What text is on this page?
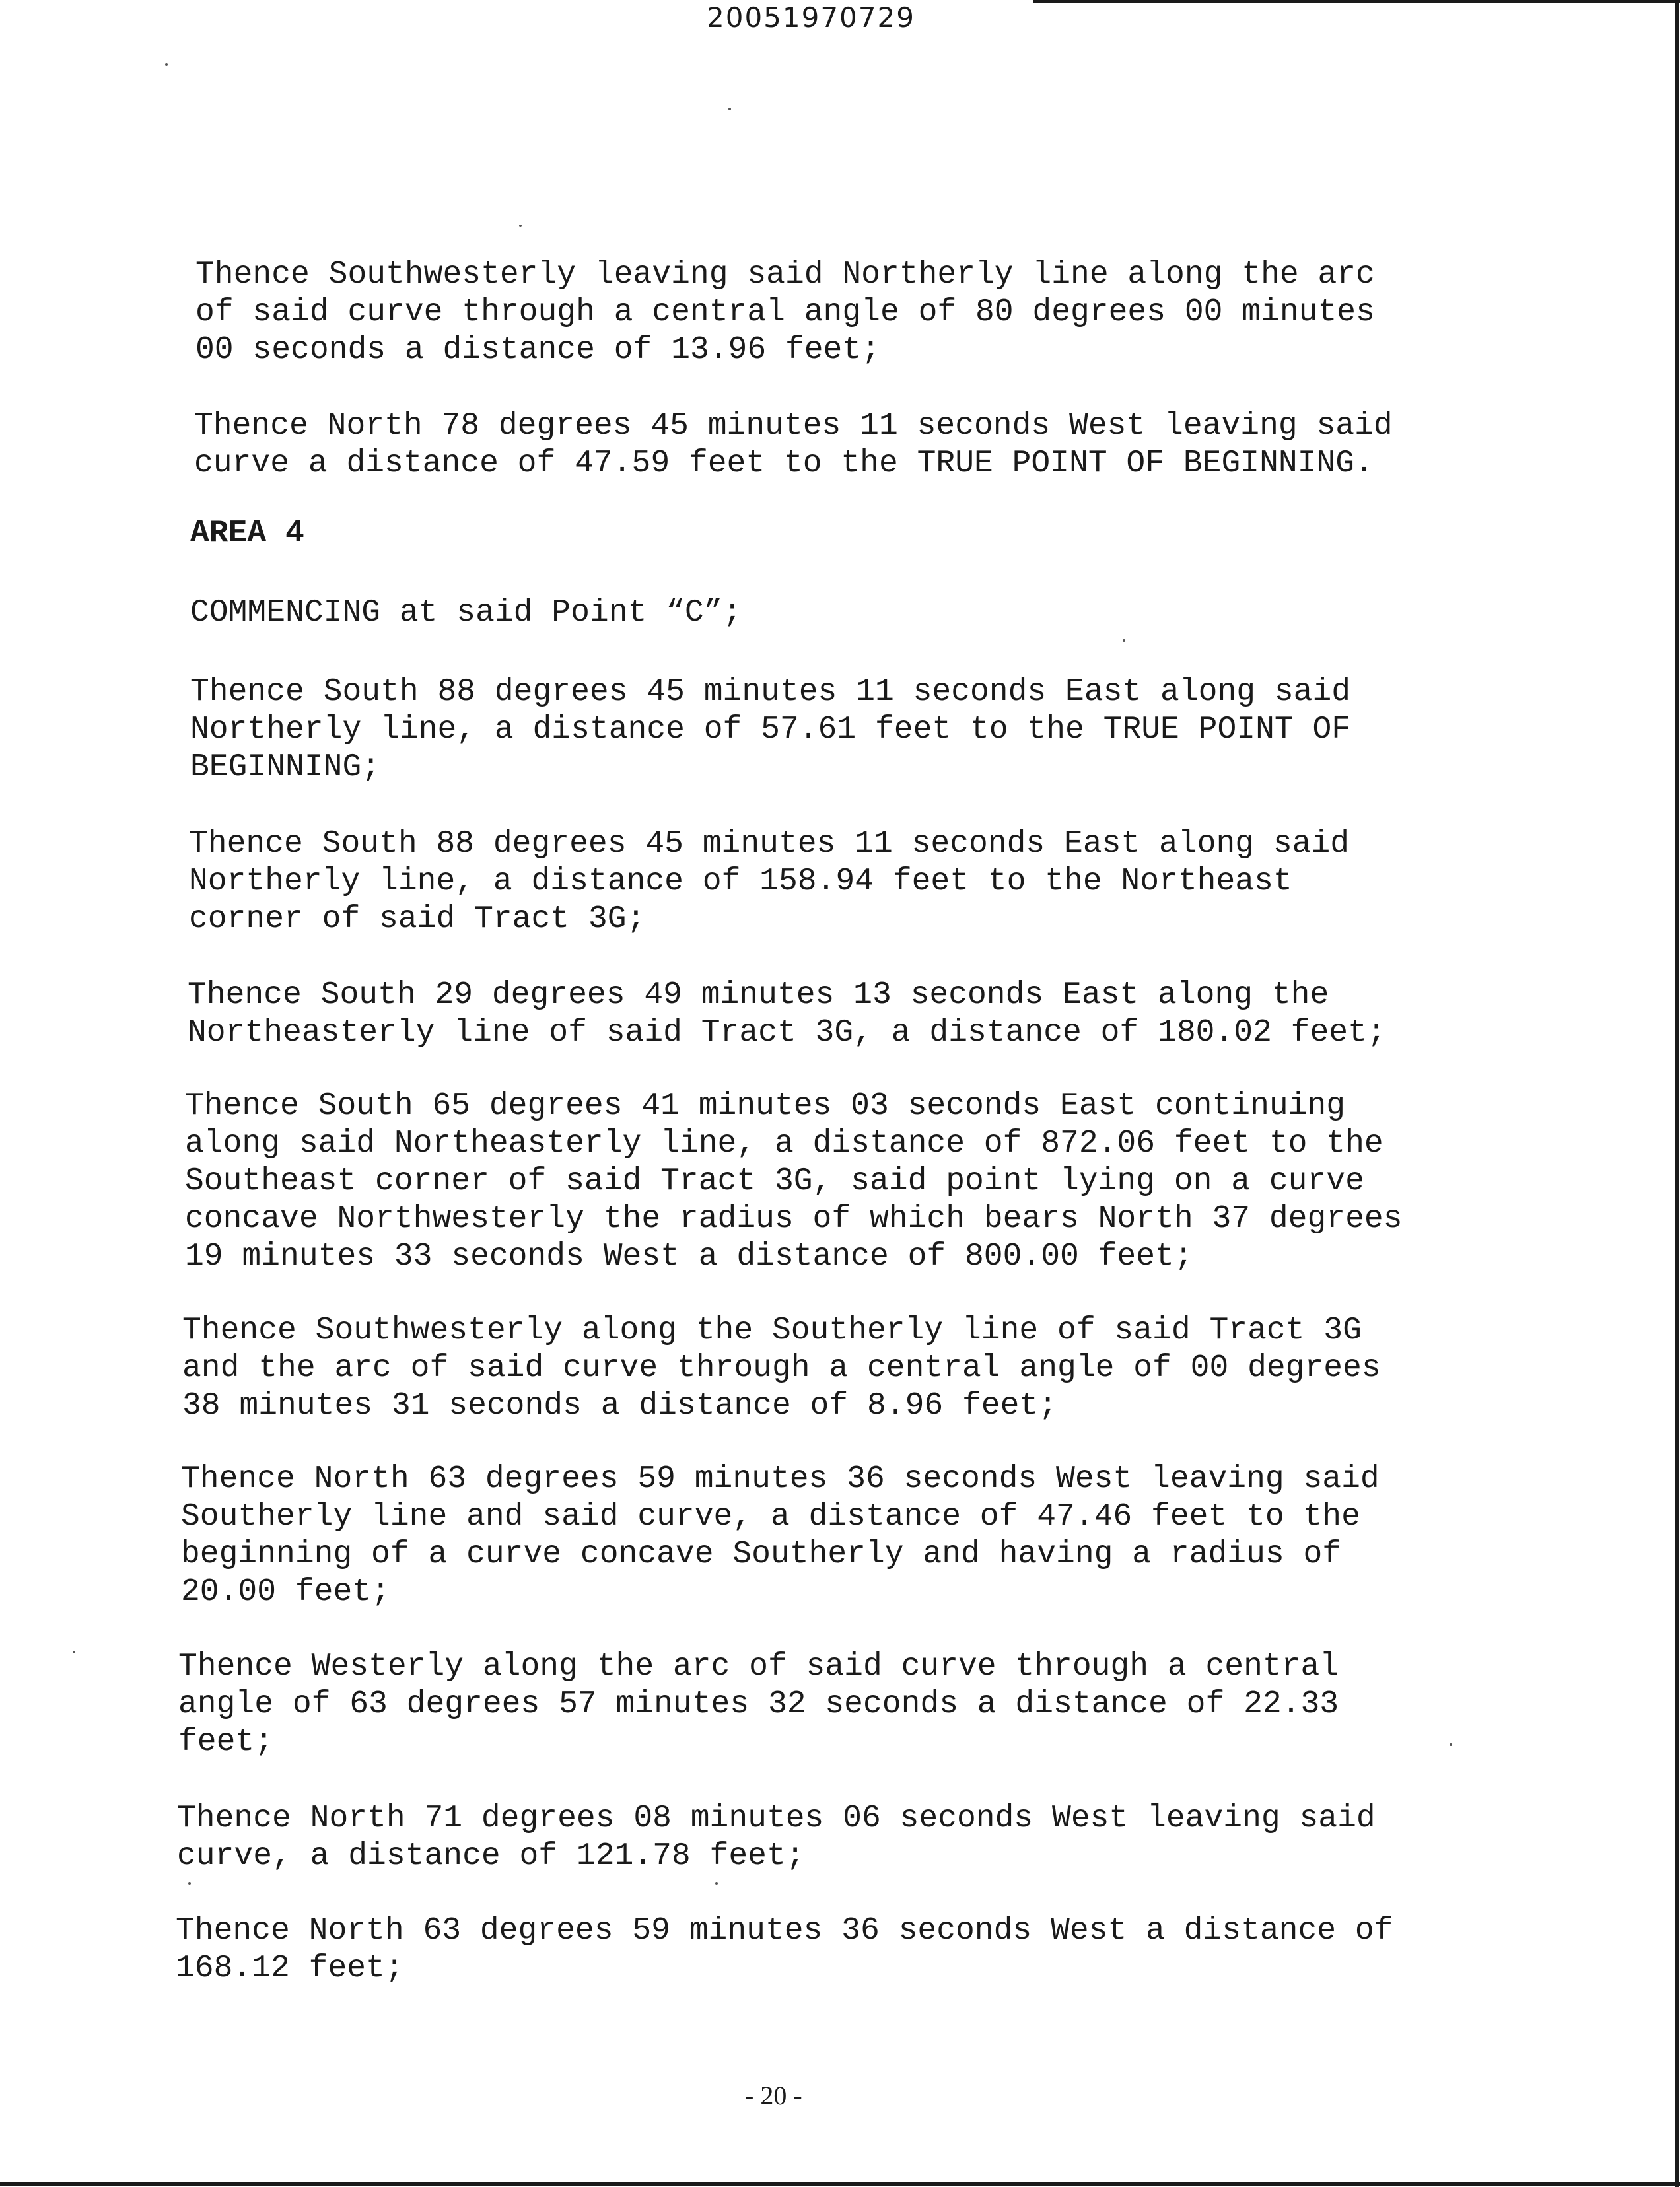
20051970729
Thence Southwesterly leaving said Northerly line along the arc
of said curve through a central angle of 80 degrees 00 minutes
00 seconds a distance of 13.96 feet;
Thence North 78 degrees 45 minutes 11 seconds West leaving said
curve a distance of 47.59 feet to the TRUE POINT OF BEGINNING.
AREA 4
COMMENCING at said Point “C”;
Thence South 88 degrees 45 minutes 11 seconds East along said
Northerly line, a distance of 57.61 feet to the TRUE POINT OF
BEGINNING;
Thence South 88 degrees 45 minutes 11 seconds East along said
Northerly line, a distance of 158.94 feet to the Northeast
corner of said Tract 3G;
Thence South 29 degrees 49 minutes 13 seconds East along the
Northeasterly line of said Tract 3G, a distance of 180.02 feet;
Thence South 65 degrees 41 minutes 03 seconds East continuing
along said Northeasterly line, a distance of 872.06 feet to the
Southeast corner of said Tract 3G, said point lying on a curve
concave Northwesterly the radius of which bears North 37 degrees
19 minutes 33 seconds West a distance of 800.00 feet;
Thence Southwesterly along the Southerly line of said Tract 3G
and the arc of said curve through a central angle of 00 degrees
38 minutes 31 seconds a distance of 8.96 feet;
Thence North 63 degrees 59 minutes 36 seconds West leaving said
Southerly line and said curve, a distance of 47.46 feet to the
beginning of a curve concave Southerly and having a radius of
20.00 feet;
Thence Westerly along the arc of said curve through a central
angle of 63 degrees 57 minutes 32 seconds a distance of 22.33
feet;
Thence North 71 degrees 08 minutes 06 seconds West leaving said
curve, a distance of 121.78 feet;
Thence North 63 degrees 59 minutes 36 seconds West a distance of
168.12 feet;
- 20 -
